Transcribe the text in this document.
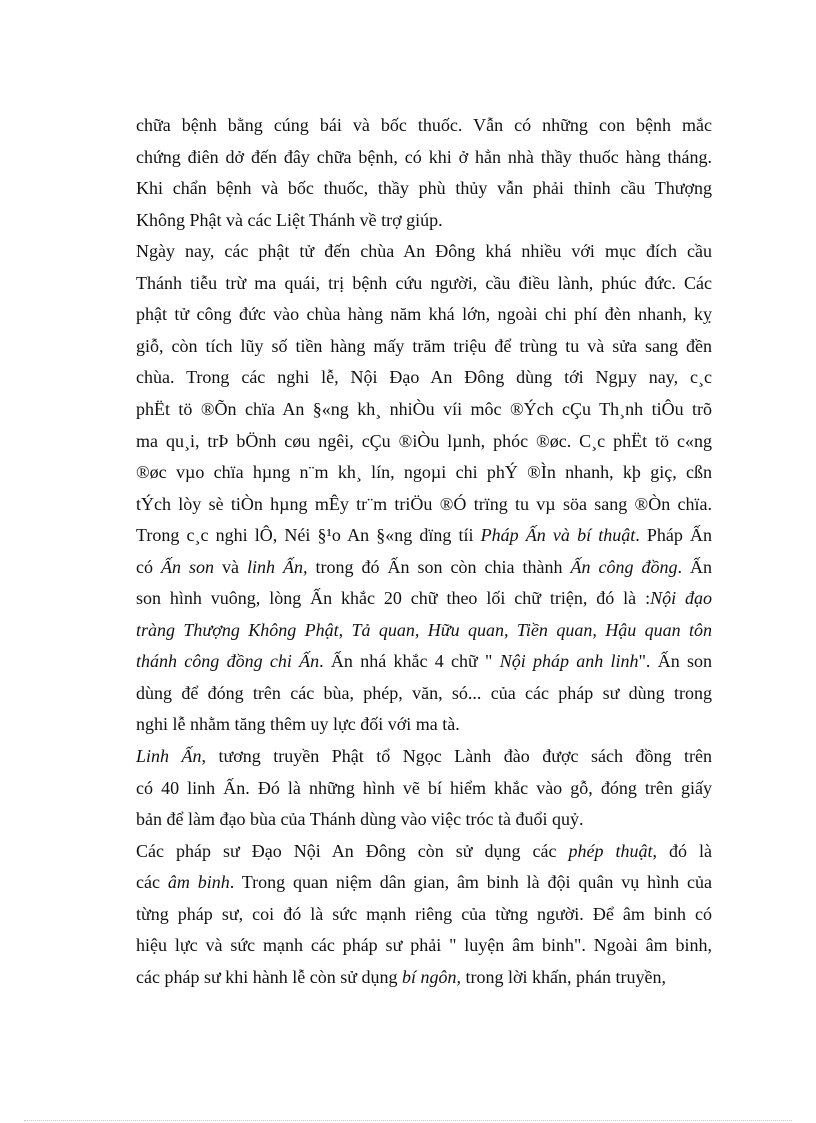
chữa bệnh bằng cúng bái và bốc thuốc. Vẫn có những con bệnh mắc
chứng điên dở đến đây chữa bệnh, có khi ở hẳn nhà thầy thuốc hàng tháng.
Khi chẩn bệnh và bốc thuốc, thầy phù thủy vẫn phải thỉnh cầu Thượng
Không Phật và các Liệt Thánh về trợ giúp.
Ngày nay, các phật tử đến chùa An Đông khá nhiều với mục đích cầu
Thánh tiễu trừ ma quái, trị bệnh cứu người, cầu điều lành, phúc đức. Các
phật tử công đức vào chùa hàng năm khá lớn, ngoài chi phí đèn nhanh, kỵ
giỗ, còn tích lũy số tiền hàng mấy trăm triệu để trùng tu và sửa sang đền
chùa. Trong các nghi lễ, Nội Đạo An Đông dùng tới Ngµy nay, c¸c
phËt tö ®Õn chïa An §«ng kh¸ nhiÒu víi môc ®Ých cÇu Th¸nh tiÔu trõ
ma qu¸i, trÞ bÖnh cøu ngêi, cÇu ®iÒu lµnh, phóc ®øc. C¸c phËt tö c«ng
®øc vµo chïa hµng n¨m kh¸ lín, ngoµi chi phÝ ®Ìn nhanh, kþ giç, cßn
tÝch lòy sè tiÒn hµng mÊy tr¨m triÖu ®Ó trïng tu vµ söa sang ®Òn chïa.
Trong c¸c nghi lÔ, Néi §¹o An §«ng dïng tíi Pháp Ấn và bí thuật. Pháp Ấn
có Ấn son và linh Ấn, trong đó Ấn son còn chia thành Ấn công đồng. Ấn
son hình vuông, lòng Ấn khắc 20 chữ theo lối chữ triện, đó là :Nội đạo
tràng Thượng Không Phật, Tả quan, Hữu quan, Tiền quan, Hậu quan tôn
thánh công đồng chi Ấn. Ấn nhá khắc 4 chữ " Nội pháp anh linh". Ấn son
dùng để đóng trên các bùa, phép, văn, só... của các pháp sư dùng trong
nghi lễ nhằm tăng thêm uy lực đối với ma tà.
Linh Ấn, tương truyền Phật tổ Ngọc Lành đào được sách đồng trên
có 40 linh Ấn. Đó là những hình vẽ bí hiểm khắc vào gỗ, đóng trên giấy
bản để làm đạo bùa của Thánh dùng vào việc tróc tà đuổi quỷ.
Các pháp sư Đạo Nội An Đông còn sử dụng các phép thuật, đó là
các âm binh. Trong quan niệm dân gian, âm binh là đội quân vụ hình của
từng pháp sư, coi đó là sức mạnh riêng của từng người. Để âm binh có
hiệu lực và sức mạnh các pháp sư phải " luyện âm binh". Ngoài âm binh,
các pháp sư khi hành lễ còn sử dụng bí ngôn, trong lời khấn, phán truyền,
